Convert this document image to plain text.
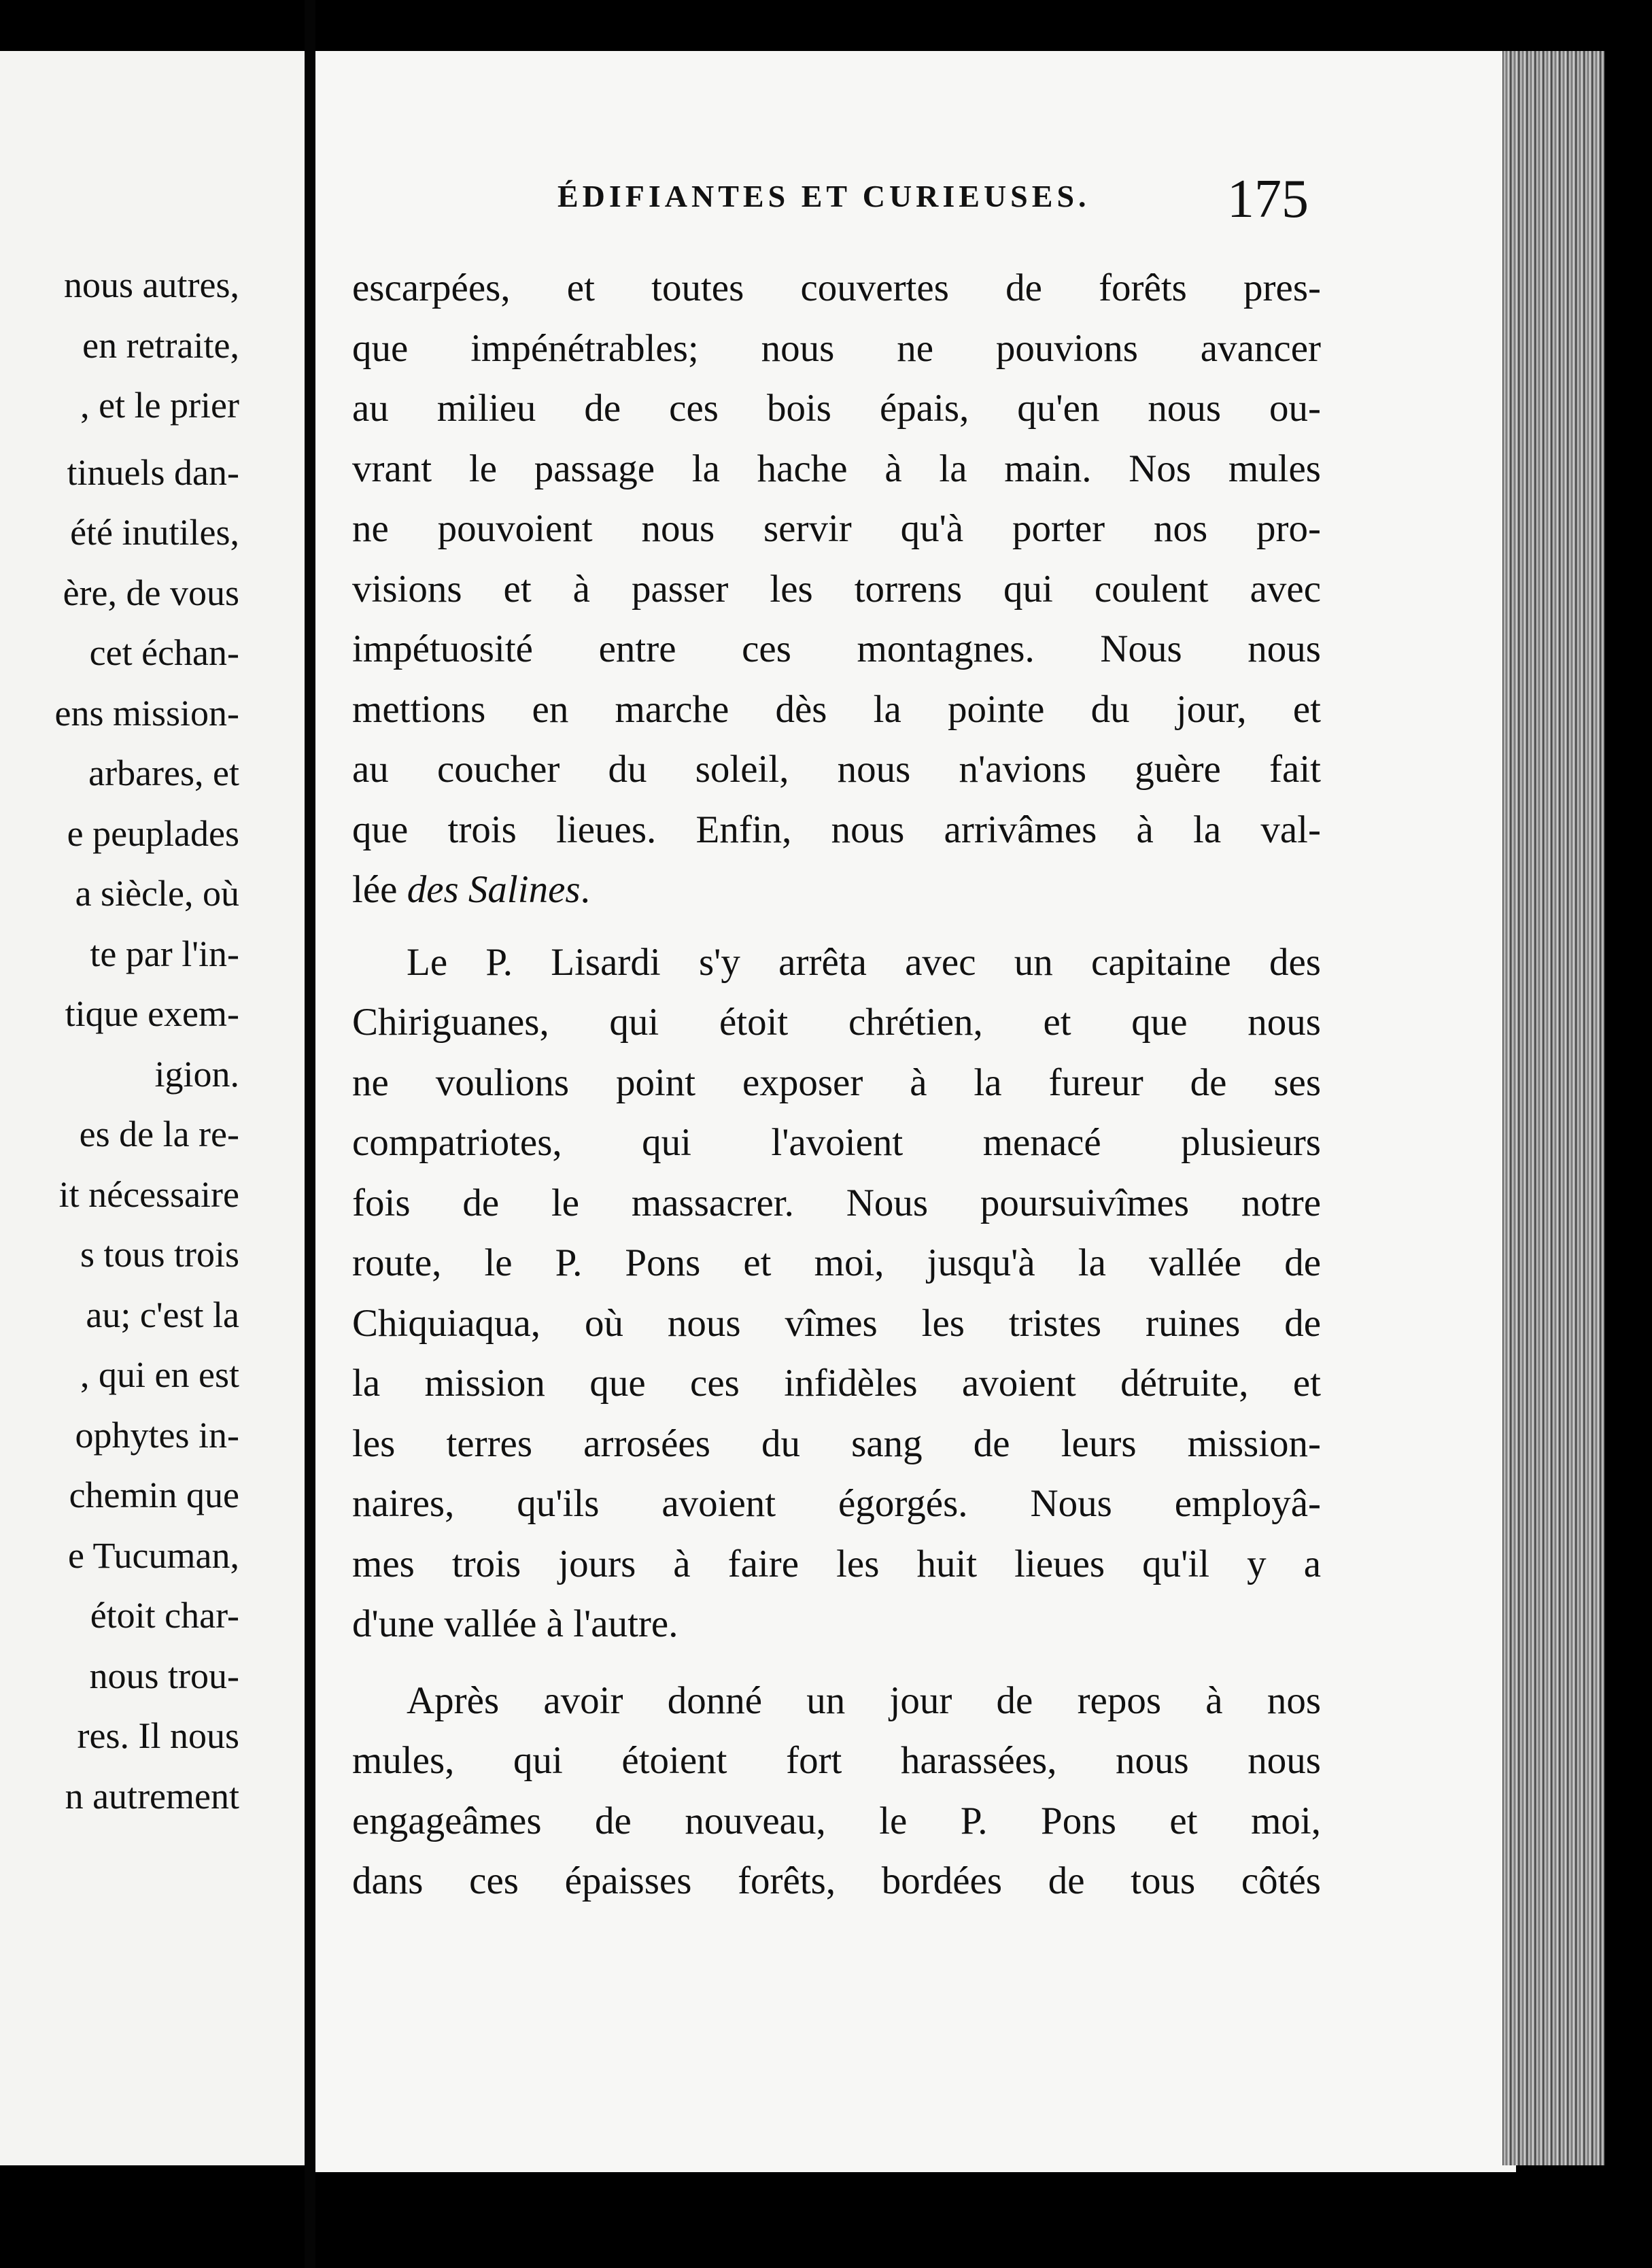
nous autres,
en retraite,
, et le prier
tinuels dan-
été inutiles,
ère, de vous
cet échan-
ens mission-
arbares, et
e peuplades
a siècle, où
te par l'in-
tique exem-
igion.
es de la re-
it nécessaire
s tous trois
au; c'est la
, qui en est
ophytes in-
chemin que
e Tucuman,
étoit char-
nous trou-
res. Il nous
n autrement
ÉDIFIANTES ET CURIEUSES.	175
escarpées, et toutes couvertes de forêts pres-
que impénétrables; nous ne pouvions avancer
au milieu de ces bois épais, qu'en nous ou-
vrant le passage la hache à la main. Nos mules
ne pouvoient nous servir qu'à porter nos pro-
visions et à passer les torrens qui coulent avec
impétuosité entre ces montagnes. Nous nous
mettions en marche dès la pointe du jour, et
au coucher du soleil, nous n'avions guère fait
que trois lieues. Enfin, nous arrivâmes à la val-
lée des Salines.
Le P. Lisardi s'y arrêta avec un capitaine des
Chiriguanes, qui étoit chrétien, et que nous
ne voulions point exposer à la fureur de ses
compatriotes, qui l'avoient menacé plusieurs
fois de le massacrer. Nous poursuivîmes notre
route, le P. Pons et moi, jusqu'à la vallée de
Chiquiaqua, où nous vîmes les tristes ruines de
la mission que ces infidèles avoient détruite, et
les terres arrosées du sang de leurs mission-
naires, qu'ils avoient égorgés. Nous employâ-
mes trois jours à faire les huit lieues qu'il y a
d'une vallée à l'autre.
Après avoir donné un jour de repos à nos
mules, qui étoient fort harassées, nous nous
engageâmes de nouveau, le P. Pons et moi,
dans ces épaisses forêts, bordées de tous côtés
